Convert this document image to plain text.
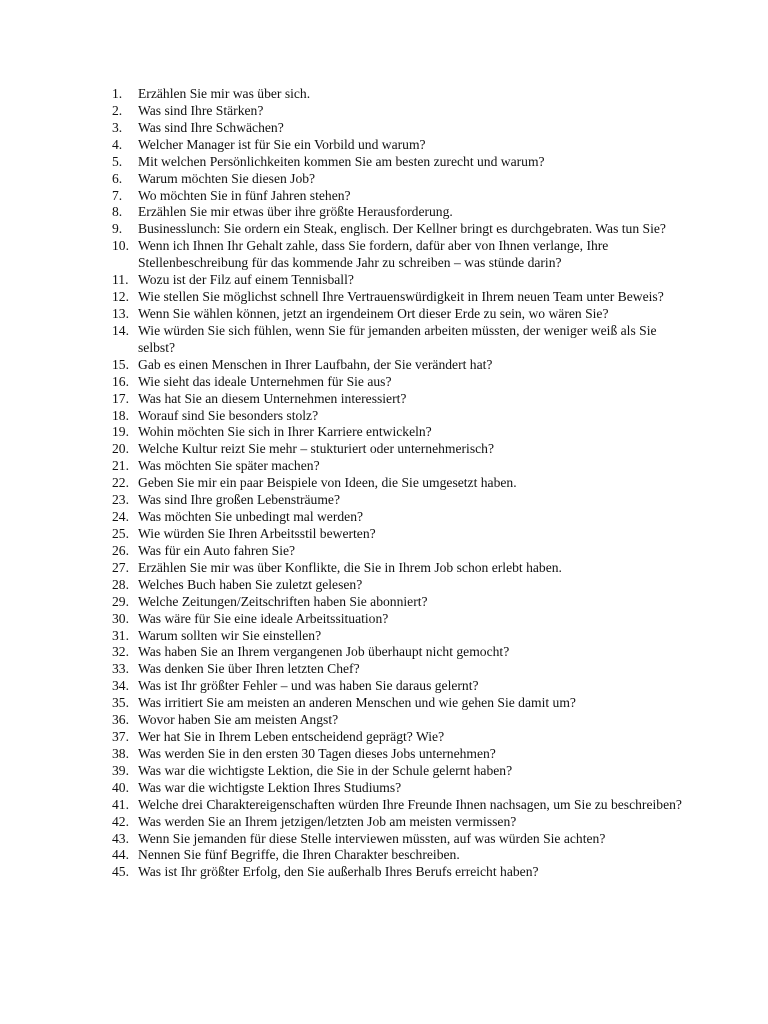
1.	Erzählen Sie mir was über sich.
2.	Was sind Ihre Stärken?
3.	Was sind Ihre Schwächen?
4.	Welcher Manager ist für Sie ein Vorbild und warum?
5.	Mit welchen Persönlichkeiten kommen Sie am besten zurecht und warum?
6.	Warum möchten Sie diesen Job?
7.	Wo möchten Sie in fünf Jahren stehen?
8.	Erzählen Sie mir etwas über ihre größte Herausforderung.
9.	Businesslunch: Sie ordern ein Steak, englisch. Der Kellner bringt es durchgebraten. Was tun Sie?
10. Wenn ich Ihnen Ihr Gehalt zahle, dass Sie fordern, dafür aber von Ihnen verlange, Ihre Stellenbeschreibung für das kommende Jahr zu schreiben – was stünde darin?
11. Wozu ist der Filz auf einem Tennisball?
12. Wie stellen Sie möglichst schnell Ihre Vertrauenswürdigkeit in Ihrem neuen Team unter Beweis?
13. Wenn Sie wählen können, jetzt an irgendeinem Ort dieser Erde zu sein, wo wären Sie?
14. Wie würden Sie sich fühlen, wenn Sie für jemanden arbeiten müssten, der weniger weiß als Sie selbst?
15. Gab es einen Menschen in Ihrer Laufbahn, der Sie verändert hat?
16. Wie sieht das ideale Unternehmen für Sie aus?
17. Was hat Sie an diesem Unternehmen interessiert?
18. Worauf sind Sie besonders stolz?
19. Wohin möchten Sie sich in Ihrer Karriere entwickeln?
20. Welche Kultur reizt Sie mehr – stukturiert oder unternehmerisch?
21. Was möchten Sie später machen?
22. Geben Sie mir ein paar Beispiele von Ideen, die Sie umgesetzt haben.
23. Was sind Ihre großen Lebensträume?
24. Was möchten Sie unbedingt mal werden?
25. Wie würden Sie Ihren Arbeitsstil bewerten?
26. Was für ein Auto fahren Sie?
27. Erzählen Sie mir was über Konflikte, die Sie in Ihrem Job schon erlebt haben.
28. Welches Buch haben Sie zuletzt gelesen?
29. Welche Zeitungen/Zeitschriften haben Sie abonniert?
30. Was wäre für Sie eine ideale Arbeitssituation?
31. Warum sollten wir Sie einstellen?
32. Was haben Sie an Ihrem vergangenen Job überhaupt nicht gemocht?
33. Was denken Sie über Ihren letzten Chef?
34. Was ist Ihr größter Fehler – und was haben Sie daraus gelernt?
35. Was irritiert Sie am meisten an anderen Menschen und wie gehen Sie damit um?
36. Wovor haben Sie am meisten Angst?
37. Wer hat Sie in Ihrem Leben entscheidend geprägt? Wie?
38. Was werden Sie in den ersten 30 Tagen dieses Jobs unternehmen?
39. Was war die wichtigste Lektion, die Sie in der Schule gelernt haben?
40. Was war die wichtigste Lektion Ihres Studiums?
41. Welche drei Charaktereigenschaften würden Ihre Freunde Ihnen nachsagen, um Sie zu beschreiben?
42. Was werden Sie an Ihrem jetzigen/letzten Job am meisten vermissen?
43. Wenn Sie jemanden für diese Stelle interviewen müssten, auf was würden Sie achten?
44. Nennen Sie fünf Begriffe, die Ihren Charakter beschreiben.
45. Was ist Ihr größter Erfolg, den Sie außerhalb Ihres Berufs erreicht haben?
